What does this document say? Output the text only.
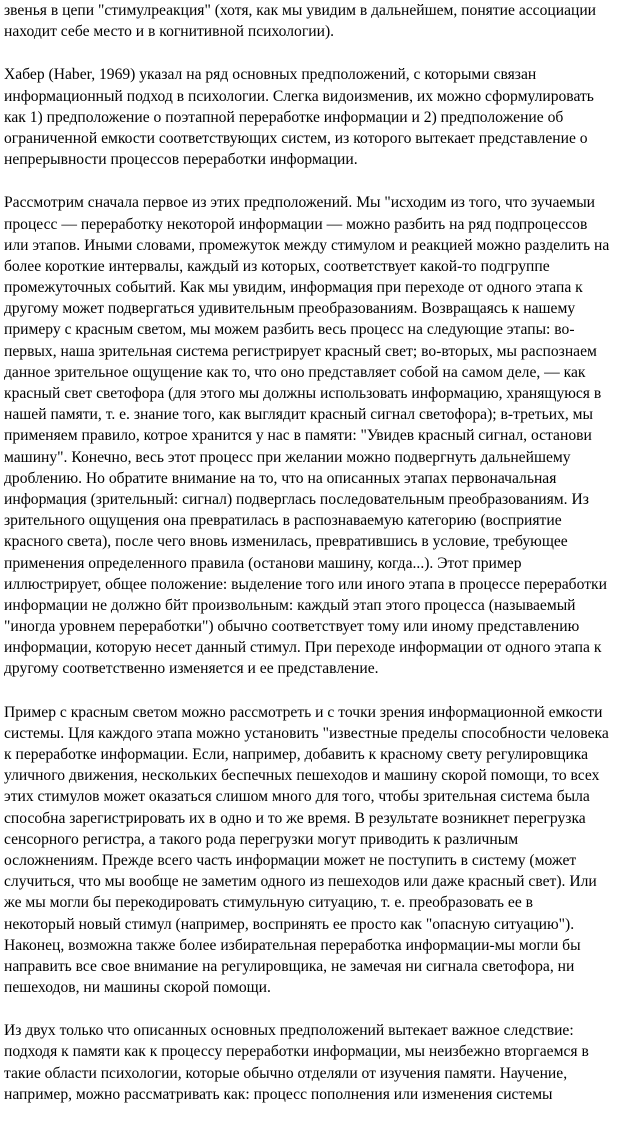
звенья в цепи "стимулреакция" (хотя, как мы увидим в дальнейшем, понятие ассоциации
находит себе место и в когнитивной психологии).
Хабер (Haber, 1969) указал на ряд основных предположений, с которыми связан
информационный подход в психологии. Слегка видоизменив, их можно сформулировать
как 1) предположение о поэтапной переработке информации и 2) предположение об
ограниченной емкости соответствующих систем, из которого вытекает представление о
непрерывности процессов переработки информации.
Рассмотрим сначала первое из этих предположений. Мы "исходим из того, что зучаемыи
процесс — переработку некоторой информации — можно разбить на ряд подпроцессов
или этапов. Иными словами, промежуток между стимулом и реакцией можно разделить на
более короткие интервалы, каждый из которых, соответствует какой-то подгруппе
промежуточных событий. Как мы увидим, информация при переходе от одного этапа к
другому может подвергаться удивительным преобразованиям. Возвращаясь к нашему
примеру с красным светом, мы можем разбить весь процесс на следующие этапы: во-
первых, наша зрительная система регистрирует красный свет; во-вторых, мы распознаем
данное зрительное ощущение как то, что оно представляет собой на самом деле, — как
красный свет светофора (для этого мы должны использовать информацию, хранящуюся в
нашей памяти, т. е. знание того, как выглядит красный сигнал светофора); в-третьих, мы
применяем правило, котрое хранится у нас в памяти: "Увидев красный сигнал, останови
машину". Конечно, весь этот процесс при желании можно подвергнуть дальнейшему
дроблению. Но обратите внимание на то, что на описанных этапах первоначальная
информация (зрительный: сигнал) подверглась последовательным преобразованиям. Из
зрительного ощущения она превратилась в распознаваемую категорию (восприятие
красного света), после чего вновь изменилась, превратившись в условие, требующее
применения определенного правила (останови машину, когда...). Этот пример
иллюстрирует, общее положение: выделение того или иного этапа в процессе переработки
информации не должно бйт произвольным: каждый этап этого процесса (называемый
"иногда уровнем переработки") обычно соответствует тому или иному представлению
информации, которую несет данный стимул. При переходе информации от одного этапа к
другому соответственно изменяется и ее представление.
Пример с красным светом можно рассмотреть и с точки зрения информационной емкости
системы. Цля каждого этапа можно установить "известные пределы способности человека
к переработке информации. Если, например, добавить к красному свету регулировщика
уличного движения, нескольких беспечных пешеходов и машину скорой помощи, то всех
этих стимулов может оказаться слишом много для того, чтобы зрительная система была
способна зарегистрировать их в одно и то же время. В результате возникнет перегрузка
сенсорного регистра, а такого рода перегрузки могут приводить к различным
осложнениям. Прежде всего часть информации может не поступить в систему (может
случиться, что мы вообще не заметим одного из пешеходов или даже красный свет). Или
же мы могли бы перекодировать стимульную ситуацию, т. е. преобразовать ее в
некоторый новый стимул (например, воспринять ее просто как "опасную ситуацию").
Наконец, возможна также более избирательная переработка информации-мы могли бы
направить все свое внимание на регулировщика, не замечая ни сигнала светофора, ни
пешеходов, ни машины скорой помощи.
Из двух только что описанных основных предположений вытекает важное следствие:
подходя к памяти как к процессу переработки информации, мы неизбежно вторгаемся в
такие области психологии, которые обычно отделяли от изучения памяти. Научение,
например, можно рассматривать как: процесс пополнения или изменения системы
